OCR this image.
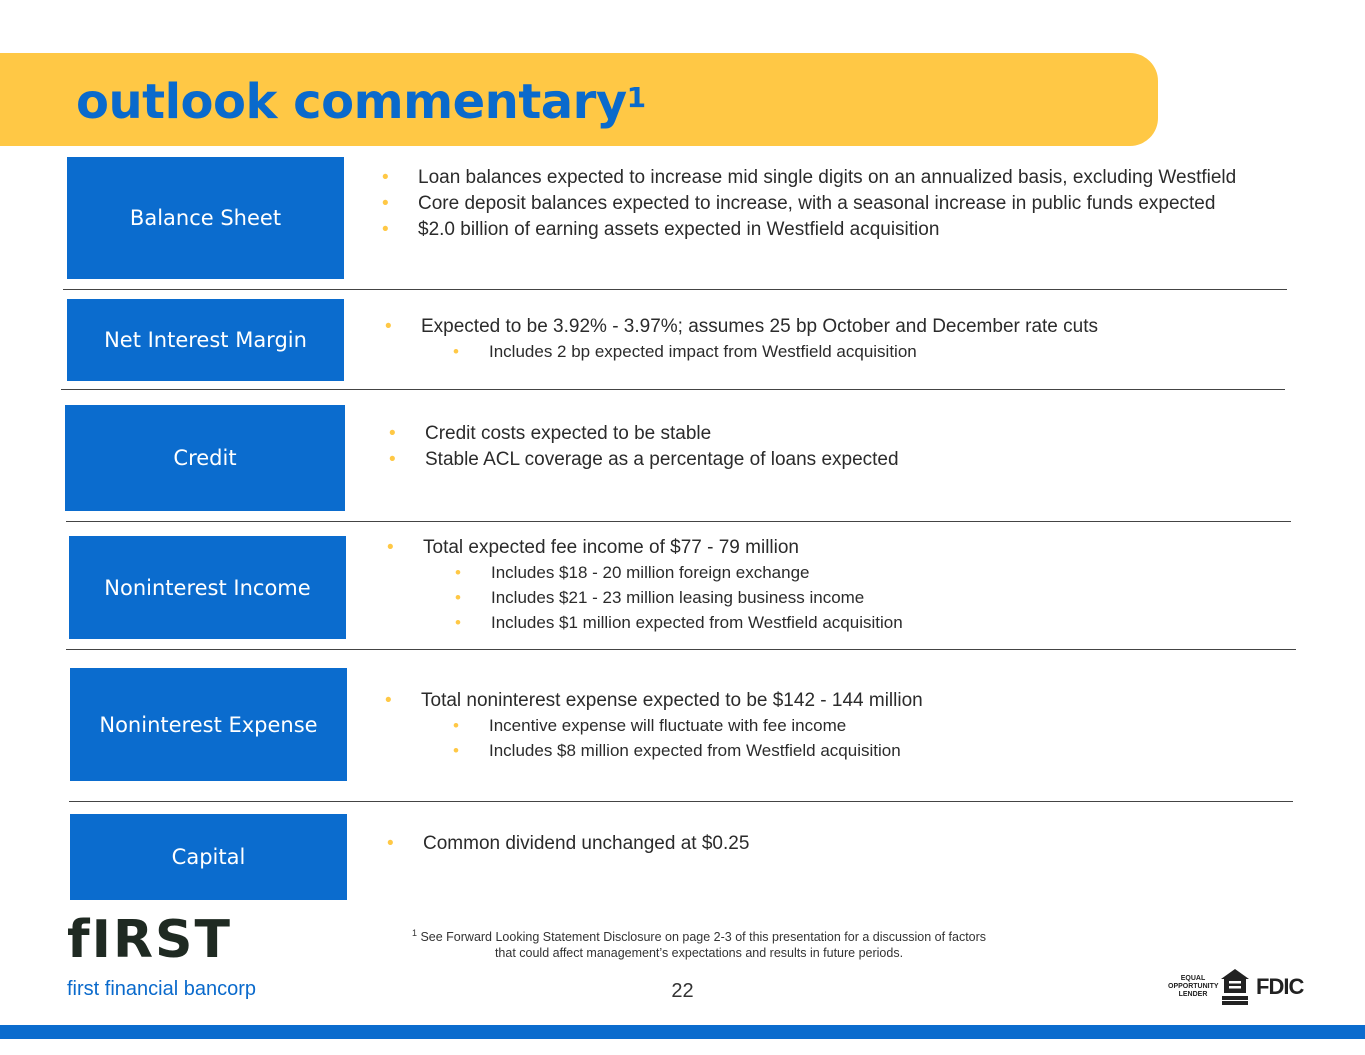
outlook commentary$^1$
Balance Sheet
Net Interest Margin
Credit
Noninterest Income
Noninterest Expense
Capital
• Loan balances expected to increase mid single digits on an annualized basis, excluding Westfield
• Core deposit balances expected to increase, with a seasonal increase in public funds expected
• $2.0 billion of earning assets expected in Westfield acquisition
• Expected to be 3.92% - 3.97%; assumes 25 bp October and December rate cuts
• Includes 2 bp expected impact from Westfield acquisition
• Credit costs expected to be stable
• Stable ACL coverage as a percentage of loans expected
• Total expected fee income of $77 - 79 million
• Includes $18 - 20 million foreign exchange
• Includes $21 - 23 million leasing business income
• Includes $1 million expected from Westfield acquisition
• Total noninterest expense expected to be $142 - 144 million
• Incentive expense will fluctuate with fee income
• Includes $8 million expected from Westfield acquisition
• Common dividend unchanged at $0.25
fIRST
first financial bancorp
$^1$ See Forward Looking Statement Disclosure on page 2-3 of this presentation for a discussion of factors
that could affect management’s expectations and results in future periods.
22
EQUAL
OPPORTUNITY
LENDER	FDIC
